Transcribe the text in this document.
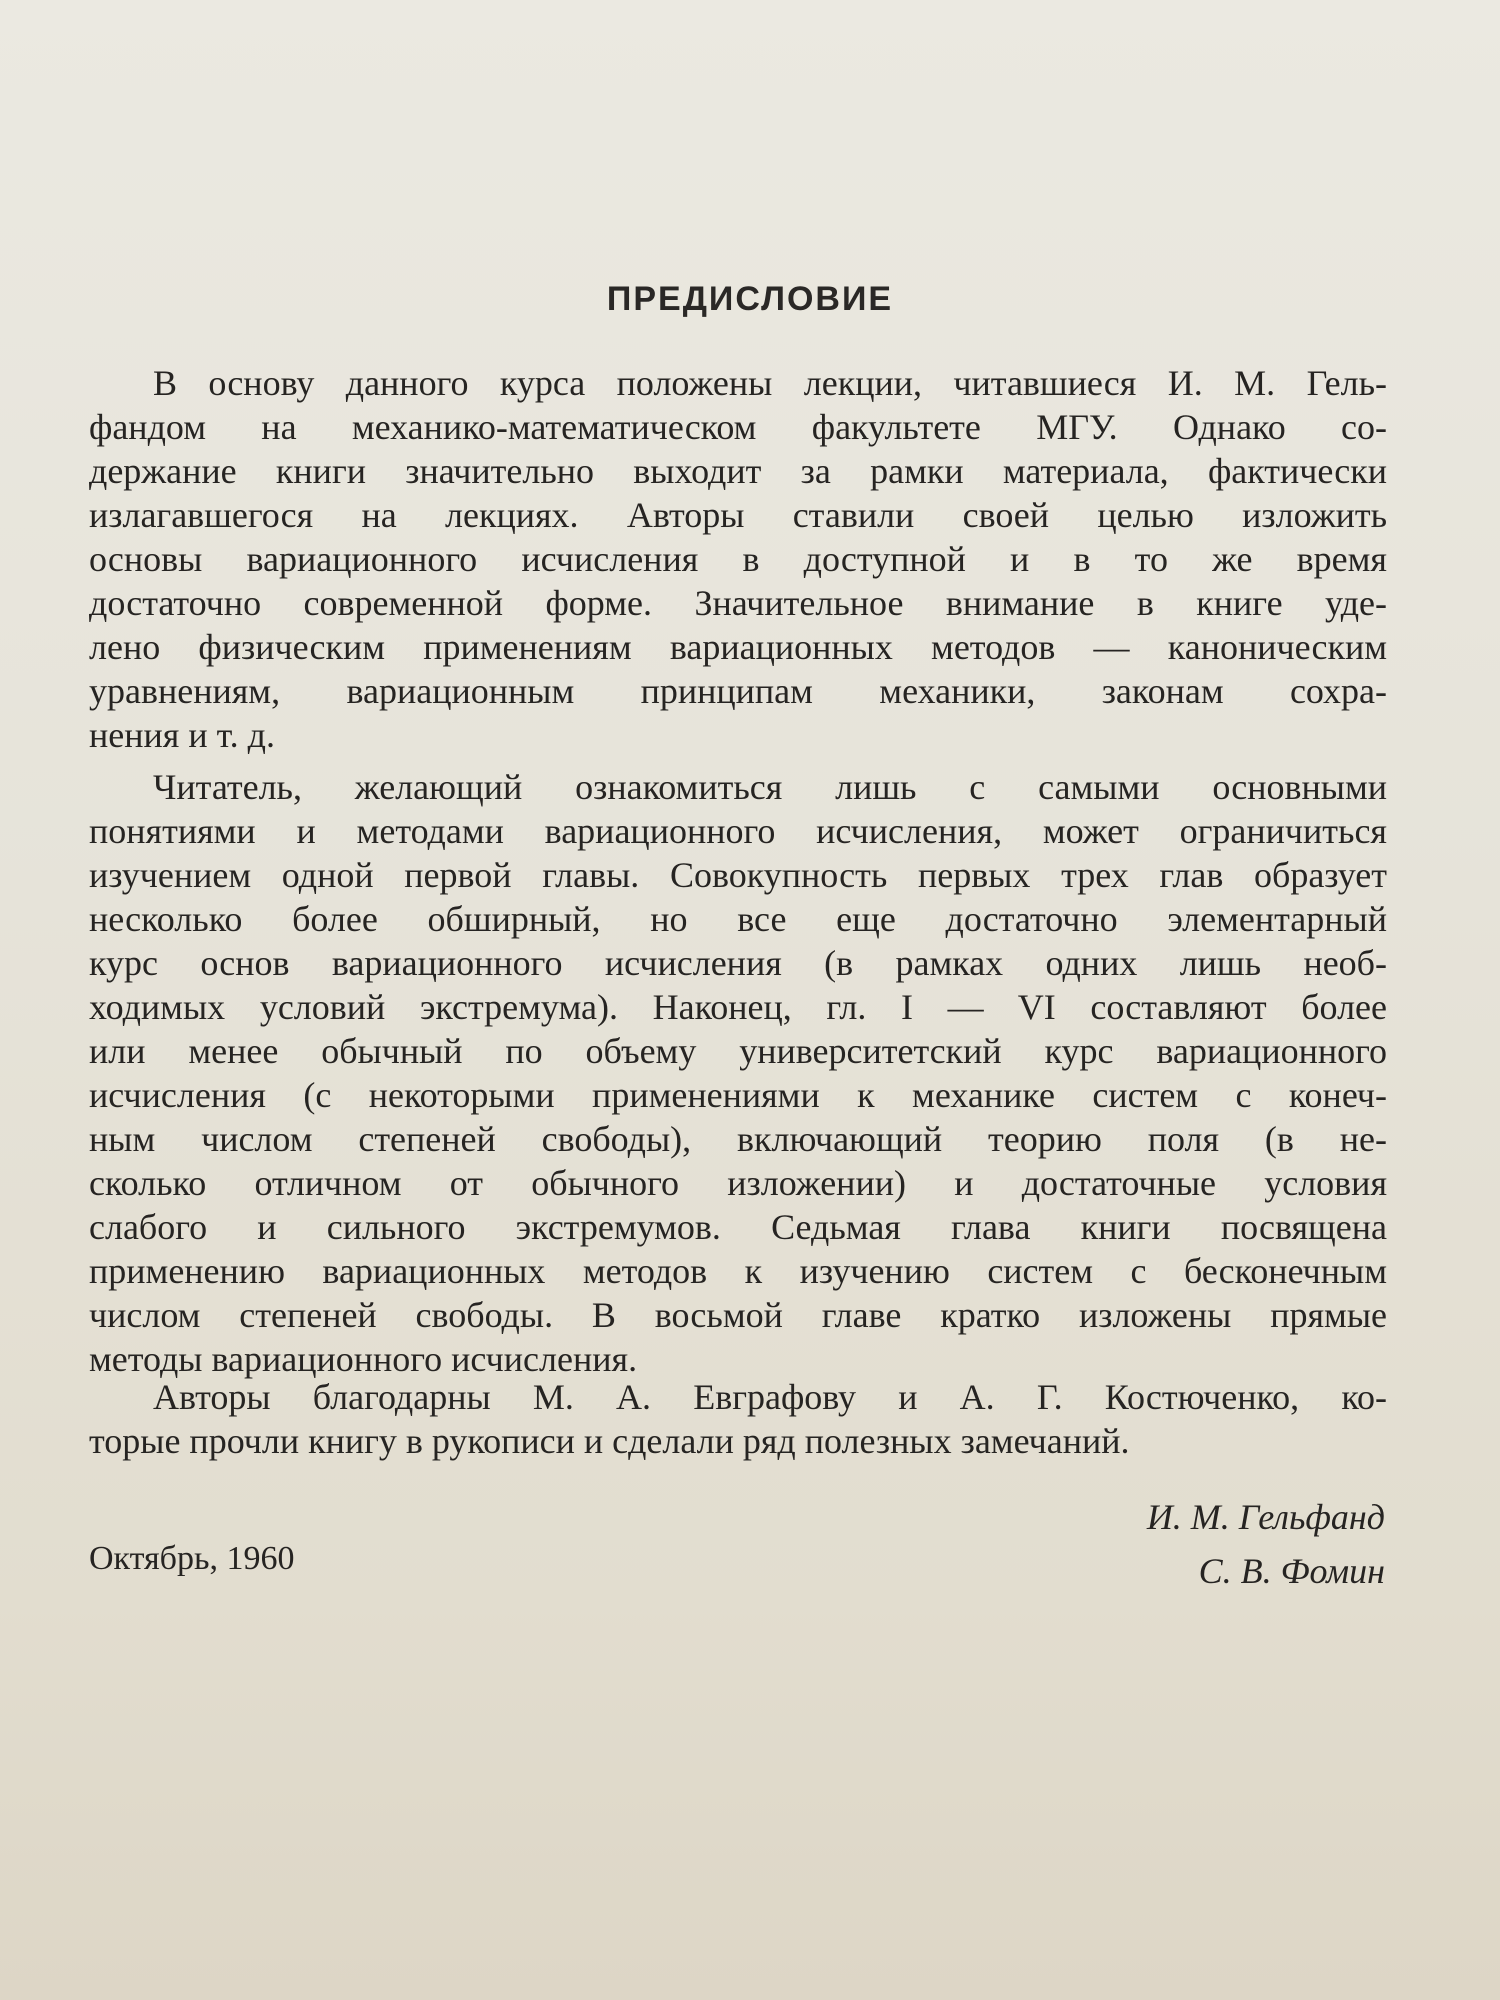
ПРЕДИСЛОВИЕ
В основу данного курса положены лекции, читавшиеся И. М. Гель-
фандом на механико-математическом факультете МГУ. Однако со-
держание книги значительно выходит за рамки материала, фактически
излагавшегося на лекциях. Авторы ставили своей целью изложить
основы вариационного исчисления в доступной и в то же время
достаточно современной форме. Значительное внимание в книге уде-
лено физическим применениям вариационных методов — каноническим
уравнениям, вариационным принципам механики, законам сохра-
нения и т. д.
Читатель, желающий ознакомиться лишь с самыми основными
понятиями и методами вариационного исчисления, может ограничиться
изучением одной первой главы. Совокупность первых трех глав образует
несколько более обширный, но все еще достаточно элементарный
курс основ вариационного исчисления (в рамках одних лишь необ-
ходимых условий экстремума). Наконец, гл. I — VI составляют более
или менее обычный по объему университетский курс вариационного
исчисления (с некоторыми применениями к механике систем с конеч-
ным числом степеней свободы), включающий теорию поля (в не-
сколько отличном от обычного изложении) и достаточные условия
слабого и сильного экстремумов. Седьмая глава книги посвящена
применению вариационных методов к изучению систем с бесконечным
числом степеней свободы. В восьмой главе кратко изложены прямые
методы вариационного исчисления.
Авторы благодарны М. А. Евграфову и А. Г. Костюченко, ко-
торые прочли книгу в рукописи и сделали ряд полезных замечаний.
И. М. Гельфанд
С. В. Фомин
Октябрь, 1960
